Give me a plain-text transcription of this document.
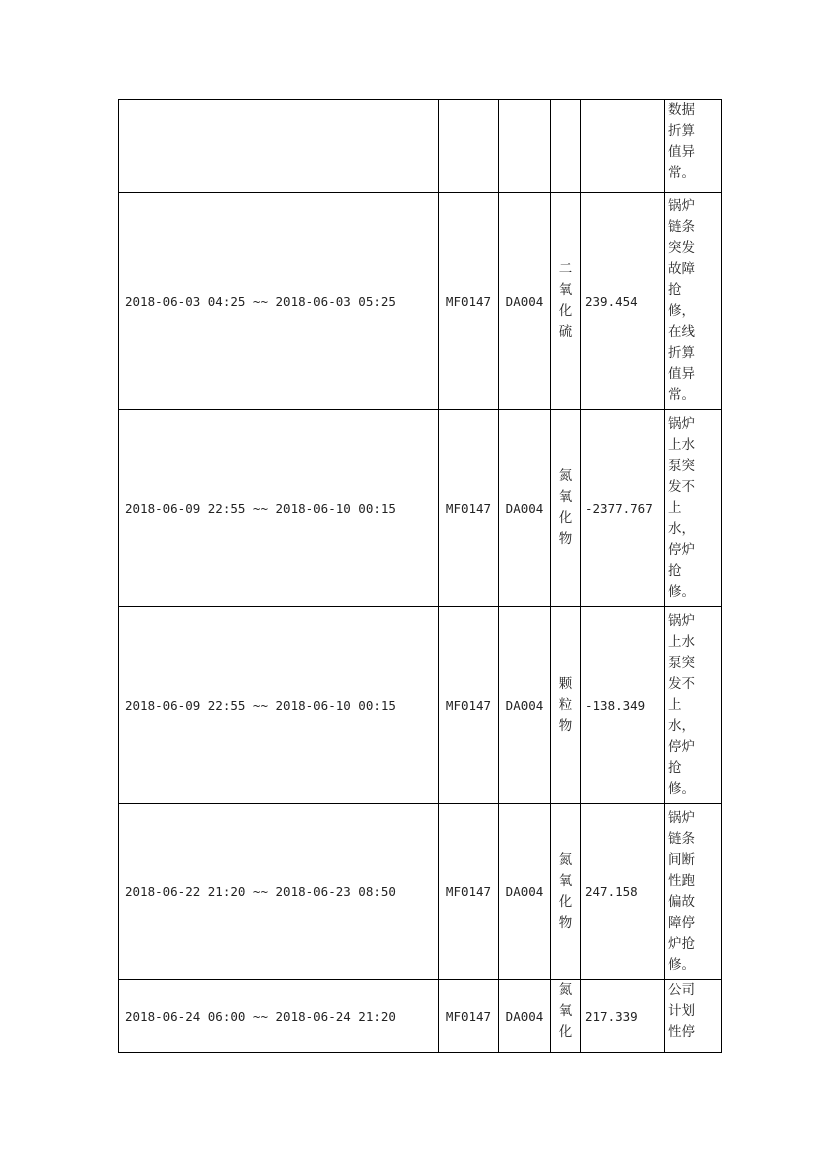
					数据折算值异常。

2018-06-03 04:25 ~~ 2018-06-03 05:25	MF0147	DA004	二氧化硫	239.454	锅炉链条突发故障抢修，在线折算值异常。

2018-06-09 22:55 ~~ 2018-06-10 00:15	MF0147	DA004	氮氧化物	-2377.767	锅炉上水泵突发不上水，停炉抢修。

2018-06-09 22:55 ~~ 2018-06-10 00:15	MF0147	DA004	颗粒物	-138.349	锅炉上水泵突发不上水，停炉抢修。

2018-06-22 21:20 ~~ 2018-06-23 08:50	MF0147	DA004	氮氧化物	247.158	锅炉链条间断性跑偏故障停炉抢修。

2018-06-24 06:00 ~~ 2018-06-24 21:20	MF0147	DA004	氮氧化	217.339	公司计划性停
